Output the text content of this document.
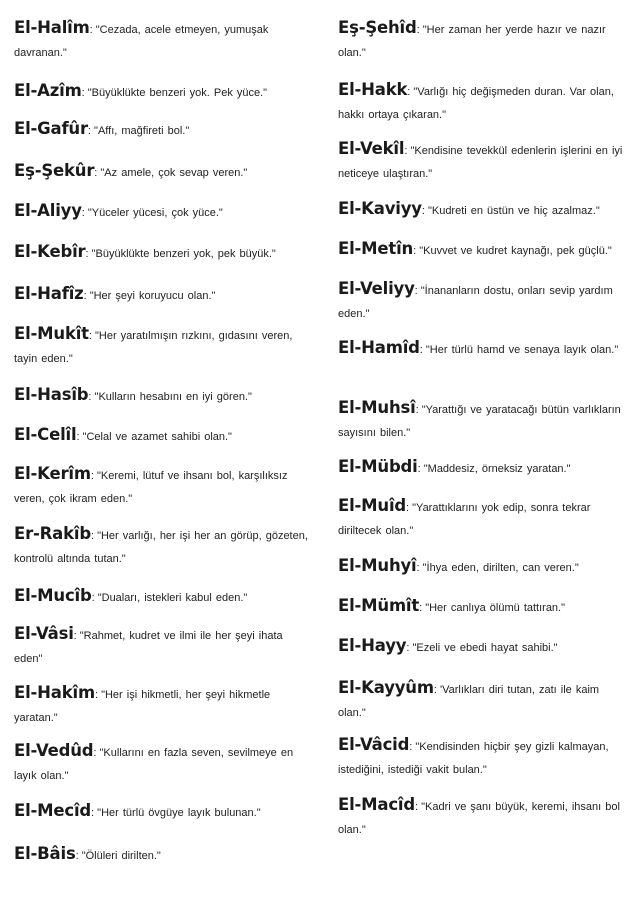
El-Halîm: "Cezada, acele etmeyen, yumuşak davranan."
El-Azîm: "Büyüklükte benzeri yok. Pek yüce."
El-Gafûr: "Affı, mağfireti bol."
Eş-Şekûr: "Az amele, çok sevap veren."
El-Aliyy: "Yüceler yücesi, çok yüce."
El-Kebîr: "Büyüklükte benzeri yok, pek büyük."
El-Hafîz: "Her şeyi koruyucu olan."
El-Mukît: "Her yaratılmışın rızkını, gıdasını veren, tayin eden."
El-Hasîb: "Kulların hesabını en iyi gören."
El-Celîl: "Celal ve azamet sahibi olan."
El-Kerîm: "Keremi, lütuf ve ihsanı bol, karşılıksız veren, çok ikram eden."
Er-Rakîb: "Her varlığı, her işi her an görüp, gözeten, kontrolü altında tutan."
El-Mucîb: "Duaları, istekleri kabul eden."
El-Vâsi: "Rahmet, kudret ve ilmi ile her şeyi ihata eden"
El-Hakîm: "Her işi hikmetli, her şeyi hikmetle yaratan."
El-Vedûd: "Kullarını en fazla seven, sevilmeye en layık olan."
El-Mecîd: "Her türlü övgüye layık bulunan."
El-Bâis: "Ölüleri dirilten."
Eş-Şehîd: "Her zaman her yerde hazır ve nazır olan."
El-Hakk: "Varlığı hiç değişmeden duran. Var olan, hakkı ortaya çıkaran."
El-Vekîl: "Kendisine tevekkül edenlerin işlerini en iyi neticeye ulaştıran."
El-Kaviyy: "Kudreti en üstün ve hiç azalmaz."
El-Metîn: "Kuvvet ve kudret kaynağı, pek güçlü."
El-Veliyy: "İnananların dostu, onları sevip yardım eden."
El-Hamîd: "Her türlü hamd ve senaya layık olan."
El-Muhsî: "Yarattığı ve yaratacağı bütün varlıkların sayısını bilen."
El-Mübdi: "Maddesiz, örneksiz yaratan."
El-Muîd: "Yarattıklarını yok edip, sonra tekrar diriltecek olan."
El-Muhyî: "İhya eden, dirilten, can veren."
El-Mümît: "Her canlıya ölümü tattıran."
El-Hayy: "Ezeli ve ebedi hayat sahibi."
El-Kayyûm: 'Varlıkları diri tutan, zatı ile kaim olan."
El-Vâcid: "Kendisinden hiçbir şey gizli kalmayan, istediğini, istediği vakit bulan."
El-Macîd: "Kadri ve şanı büyük, keremi, ihsanı bol olan."
